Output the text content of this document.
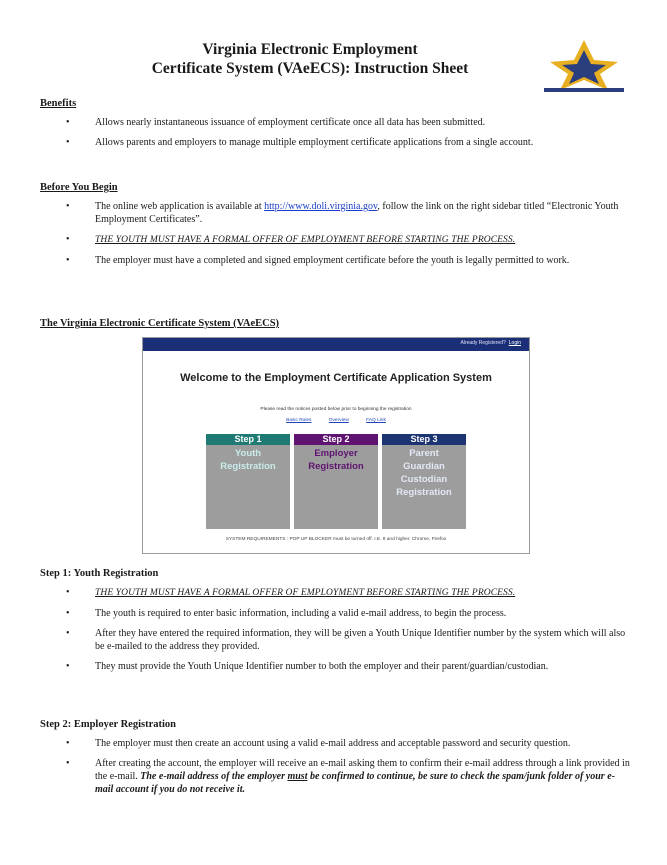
Virginia Electronic Employment
Certificate System (VAeECS): Instruction Sheet
Benefits
• Allows nearly instantaneous issuance of employment certificate once all data has been submitted.
• Allows parents and employers to manage multiple employment certificate applications from a single account.
Before You Begin
• The online web application is available at http://www.doli.virginia.gov, follow the link on the right sidebar titled “Electronic Youth Employment Certificates”.
• THE YOUTH MUST HAVE A FORMAL OFFER OF EMPLOYMENT BEFORE STARTING THE PROCESS.
• The employer must have a completed and signed employment certificate before the youth is legally permitted to work.
The Virginia Electronic Certificate System (VAeECS)
Already Registered? Login
Welcome to the Employment Certificate Application System
Please read the notices posted below prior to beginning the registration
Basic Rules	Overview	FAQ Link
Step 1
Youth
Registration
Step 2
Employer
Registration
Step 3
Parent
Guardian
Custodian
Registration
SYSTEM REQUIREMENTS : POP UP BLOCKER must be turned off. I.E. 8 and higher. Chrome, Firefox
Step 1: Youth Registration
• THE YOUTH MUST HAVE A FORMAL OFFER OF EMPLOYMENT BEFORE STARTING THE PROCESS.
• The youth is required to enter basic information, including a valid e-mail address, to begin the process.
• After they have entered the required information, they will be given a Youth Unique Identifier number by the system which will also be e-mailed to the address they provided.
• They must provide the Youth Unique Identifier number to both the employer and their parent/guardian/custodian.
Step 2: Employer Registration
• The employer must then create an account using a valid e-mail address and acceptable password and security question.
• After creating the account, the employer will receive an e-mail asking them to confirm their e-mail address through a link provided in the e-mail. The e-mail address of the employer must be confirmed to continue, be sure to check the spam/junk folder of your e-mail account if you do not receive it.
